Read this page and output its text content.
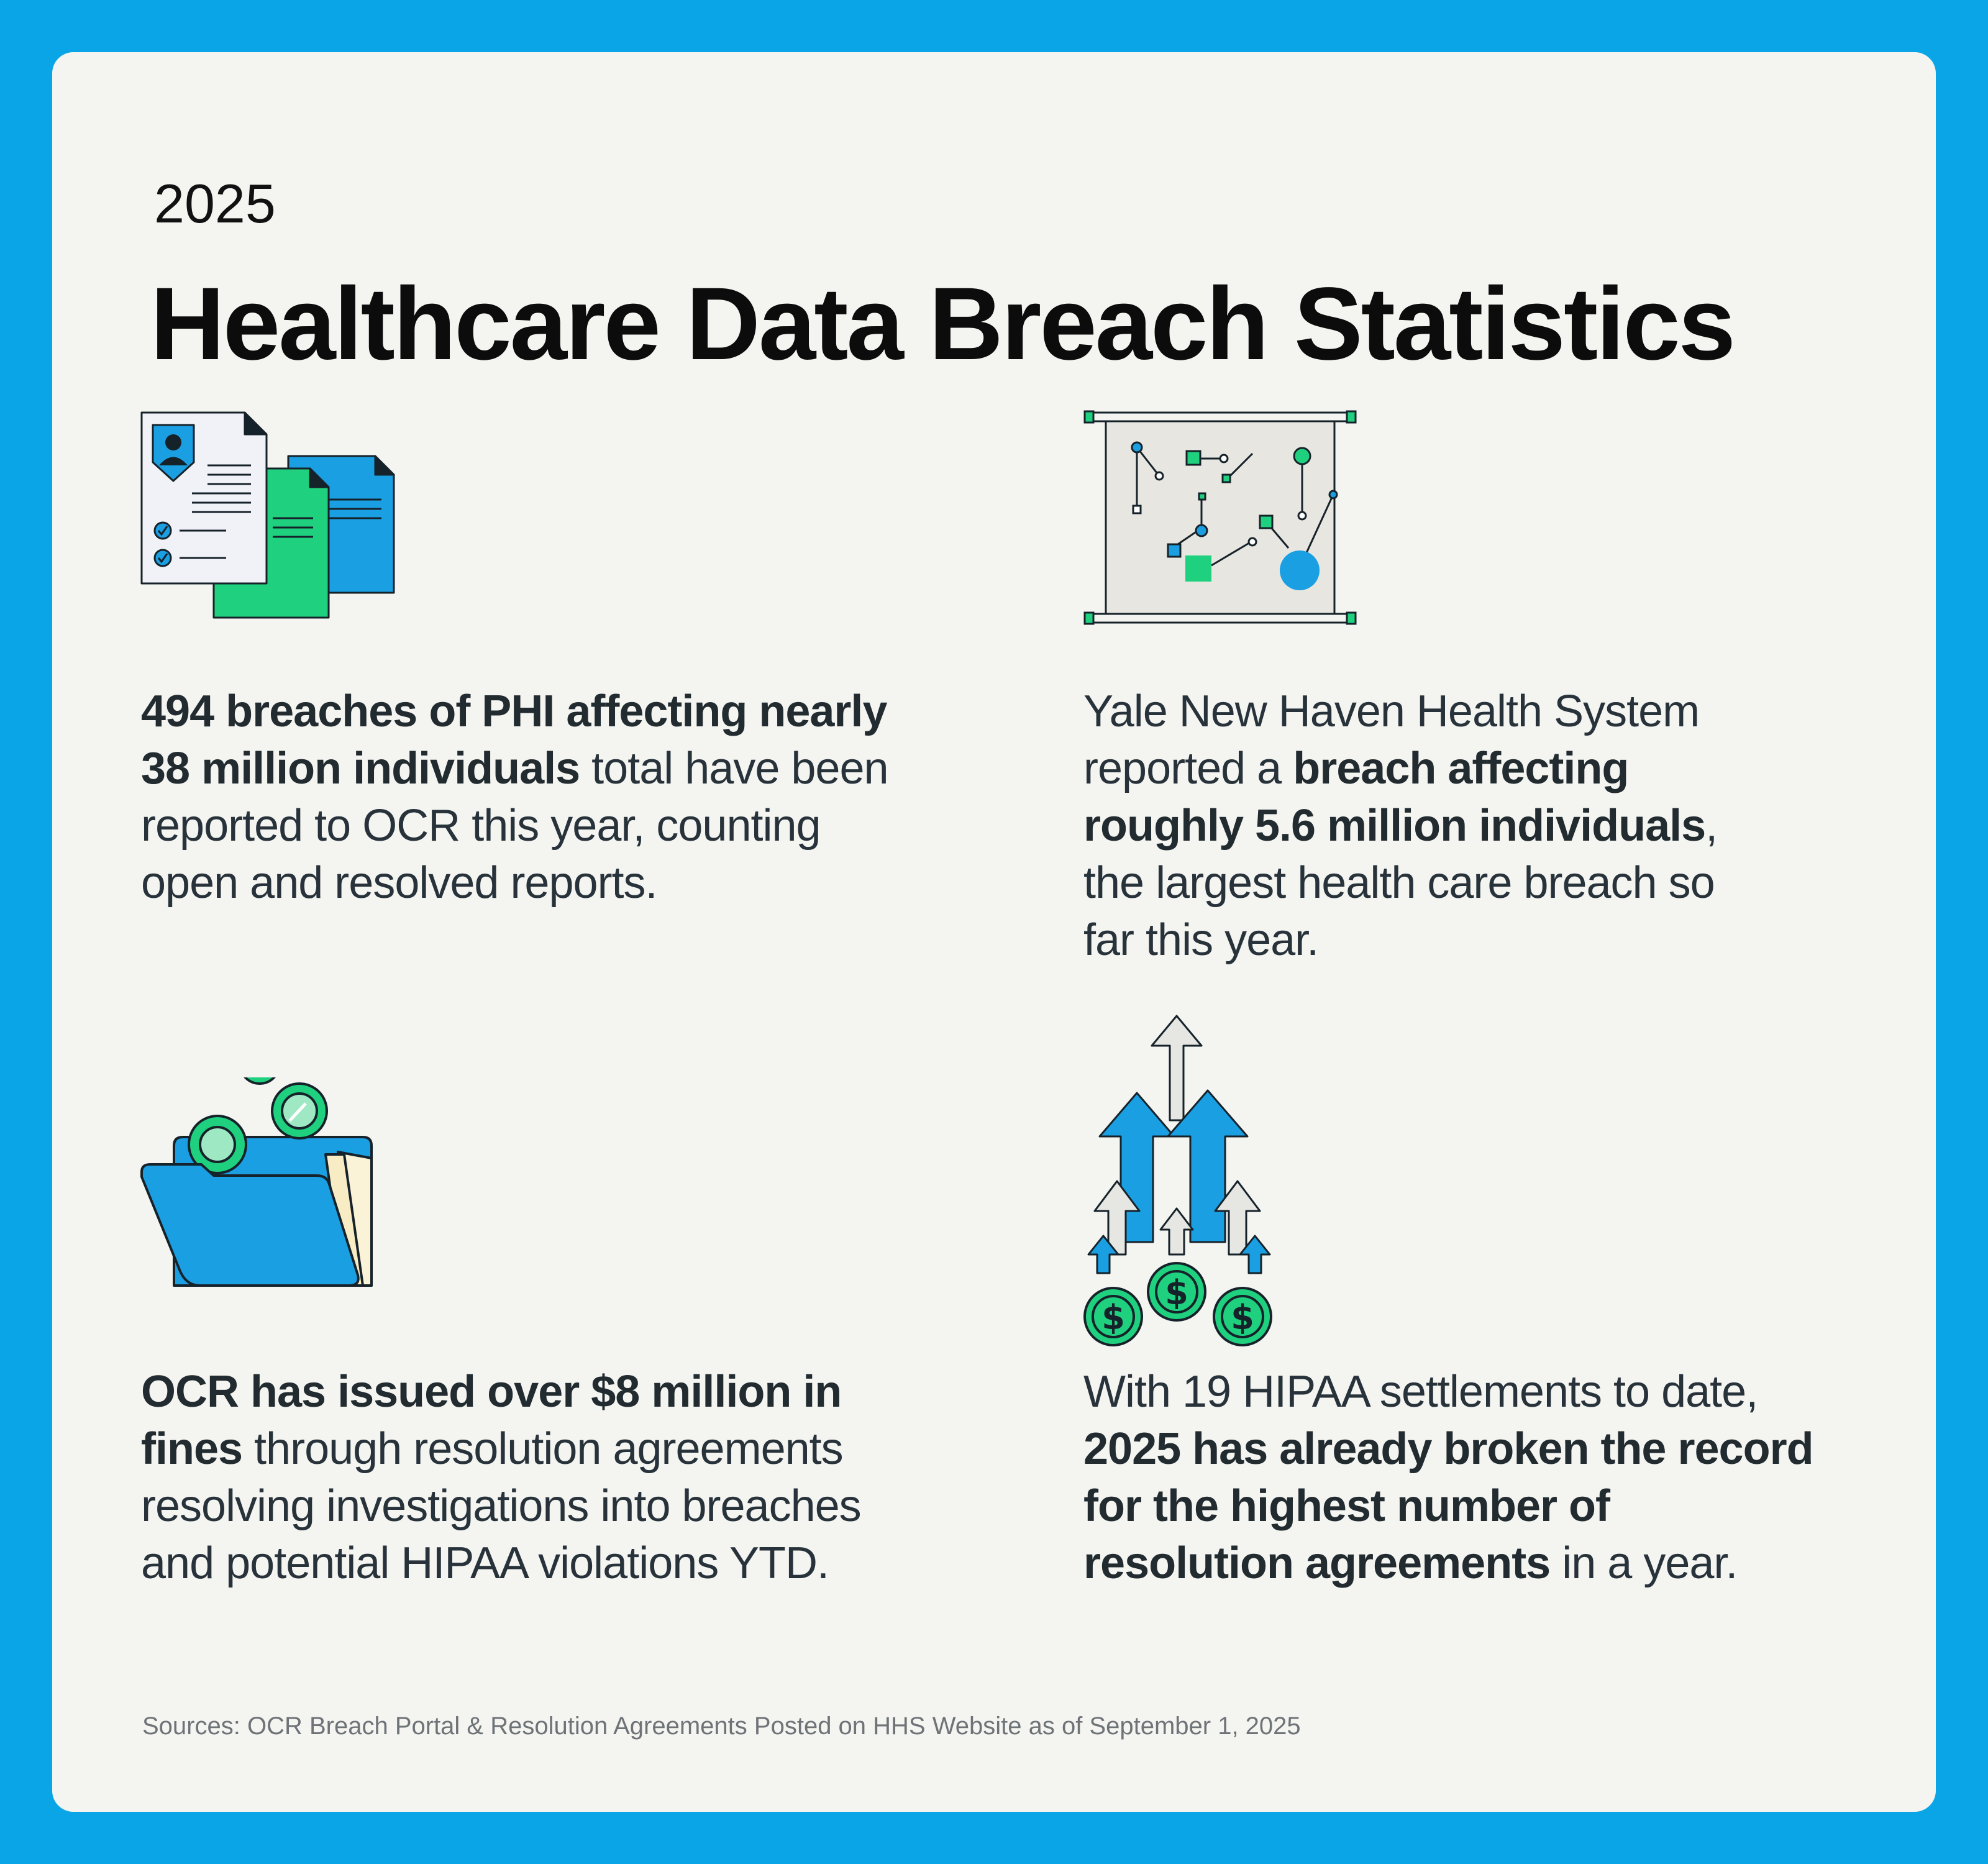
2025
Healthcare Data Breach Statistics
494 breaches of PHI affecting nearly 38 million individuals total have been reported to OCR this year, counting open and resolved reports.
Yale New Haven Health System reported a breach affecting roughly 5.6 million individuals, the largest health care breach so far this year.
OCR has issued over $8 million in fines through resolution agreements resolving investigations into breaches and potential HIPAA violations YTD.
$
$	$
With 19 HIPAA settlements to date, 2025 has already broken the record for the highest number of resolution agreements in a year.
Sources: OCR Breach Portal & Resolution Agreements Posted on HHS Website as of September 1, 2025
